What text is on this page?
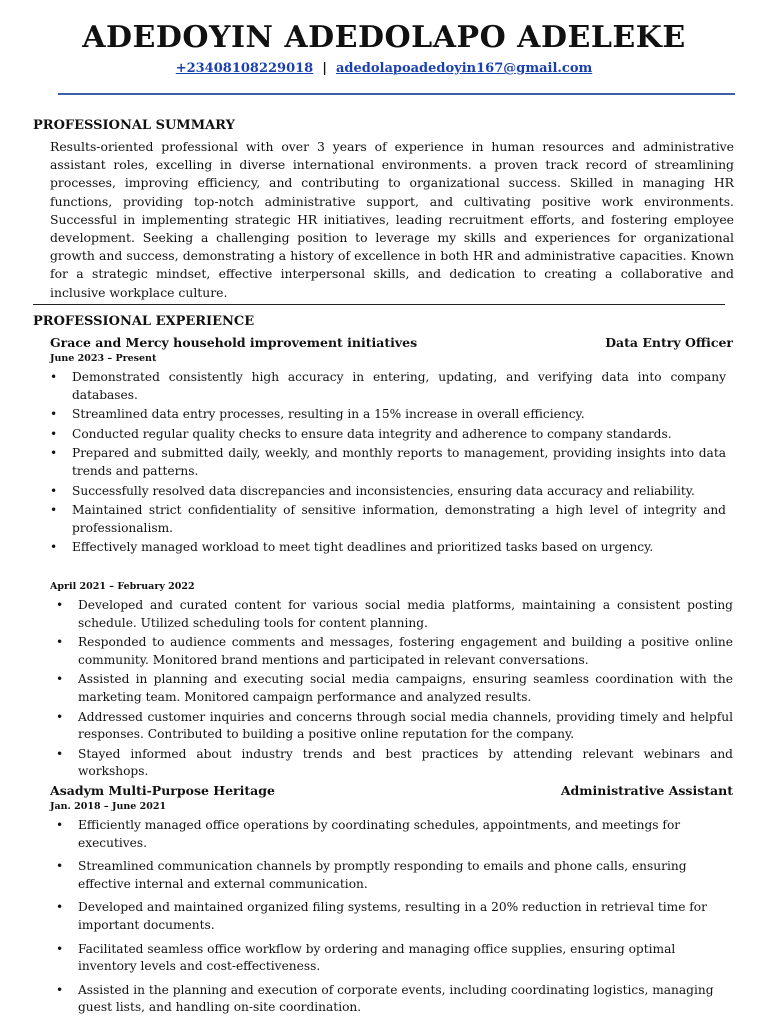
ADEDOYIN ADEDOLAPO ADELEKE
+23408108229018 | adedolapoadedoyin167@gmail.com
PROFESSIONAL SUMMARY
Results-oriented professional with over 3 years of experience in human resources and administrative assistant roles, excelling in diverse international environments. a proven track record of streamlining processes, improving efficiency, and contributing to organizational success. Skilled in managing HR functions, providing top-notch administrative support, and cultivating positive work environments. Successful in implementing strategic HR initiatives, leading recruitment efforts, and fostering employee development. Seeking a challenging position to leverage my skills and experiences for organizational growth and success, demonstrating a history of excellence in both HR and administrative capacities. Known for a strategic mindset, effective interpersonal skills, and dedication to creating a collaborative and inclusive workplace culture.
PROFESSIONAL EXPERIENCE
Grace and Mercy household improvement initiatives	Data Entry Officer
June 2023 – Present
• Demonstrated consistently high accuracy in entering, updating, and verifying data into company databases.
• Streamlined data entry processes, resulting in a 15% increase in overall efficiency.
• Conducted regular quality checks to ensure data integrity and adherence to company standards.
• Prepared and submitted daily, weekly, and monthly reports to management, providing insights into data trends and patterns.
• Successfully resolved data discrepancies and inconsistencies, ensuring data accuracy and reliability.
• Maintained strict confidentiality of sensitive information, demonstrating a high level of integrity and professionalism.
• Effectively managed workload to meet tight deadlines and prioritized tasks based on urgency.
April 2021 – February 2022
• Developed and curated content for various social media platforms, maintaining a consistent posting schedule. Utilized scheduling tools for content planning.
• Responded to audience comments and messages, fostering engagement and building a positive online community. Monitored brand mentions and participated in relevant conversations.
• Assisted in planning and executing social media campaigns, ensuring seamless coordination with the marketing team. Monitored campaign performance and analyzed results.
• Addressed customer inquiries and concerns through social media channels, providing timely and helpful responses. Contributed to building a positive online reputation for the company.
• Stayed informed about industry trends and best practices by attending relevant webinars and workshops.
Asadym Multi-Purpose Heritage	Administrative Assistant
Jan. 2018 – June 2021
• Efficiently managed office operations by coordinating schedules, appointments, and meetings for executives.
• Streamlined communication channels by promptly responding to emails and phone calls, ensuring effective internal and external communication.
• Developed and maintained organized filing systems, resulting in a 20% reduction in retrieval time for important documents.
• Facilitated seamless office workflow by ordering and managing office supplies, ensuring optimal inventory levels and cost-effectiveness.
• Assisted in the planning and execution of corporate events, including coordinating logistics, managing guest lists, and handling on-site coordination.
